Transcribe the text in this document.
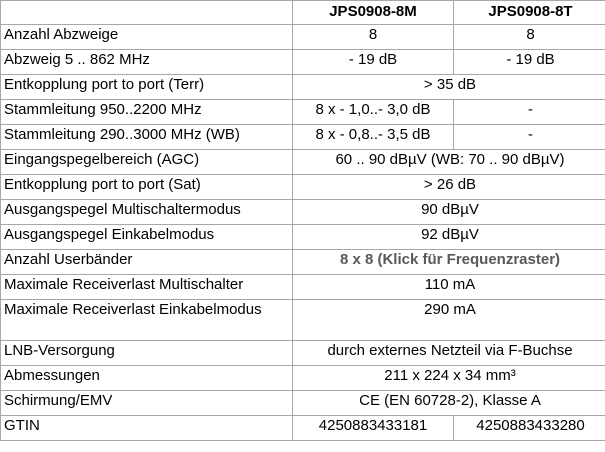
	JPS0908-8M	JPS0908-8T
Anzahl Abzweige	8	8
Abzweig 5 .. 862 MHz	- 19 dB	- 19 dB
Entkopplung port to port (Terr)	> 35 dB	
Stammleitung 950..2200 MHz	8 x - 1,0..- 3,0 dB	-
Stammleitung 290..3000 MHz (WB)	8 x - 0,8..- 3,5 dB	-
Eingangspegelbereich (AGC)	60 .. 90 dBµV (WB: 70 .. 90 dBµV)	
Entkopplung port to port (Sat)	> 26 dB	
Ausgangspegel Multischaltermodus	90 dBµV	
Ausgangspegel Einkabelmodus	92 dBµV	
Anzahl Userbänder	8 x 8 (Klick für Frequenzraster)	
Maximale Receiverlast Multischalter	110 mA	
Maximale Receiverlast Einkabelmodus	290 mA	
LNB-Versorgung	durch externes Netzteil via F-Buchse	
Abmessungen	211 x 224 x 34 mm³	
Schirmung/EMV	CE (EN 60728-2), Klasse A	
GTIN	4250883433181	4250883433280
